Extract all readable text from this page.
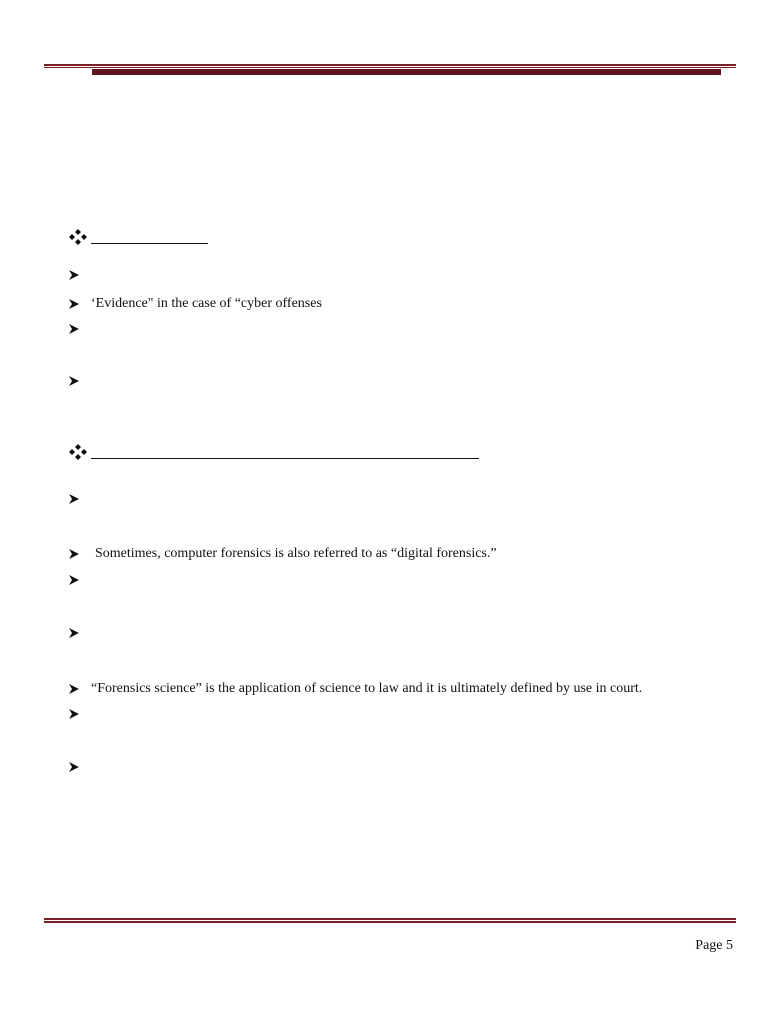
‘Evidence" in the case of “cyber offenses
Sometimes, computer forensics is also referred to as “digital forensics.”
“Forensics science” is the application of science to law and it is ultimately defined by use in court.
Page 5
